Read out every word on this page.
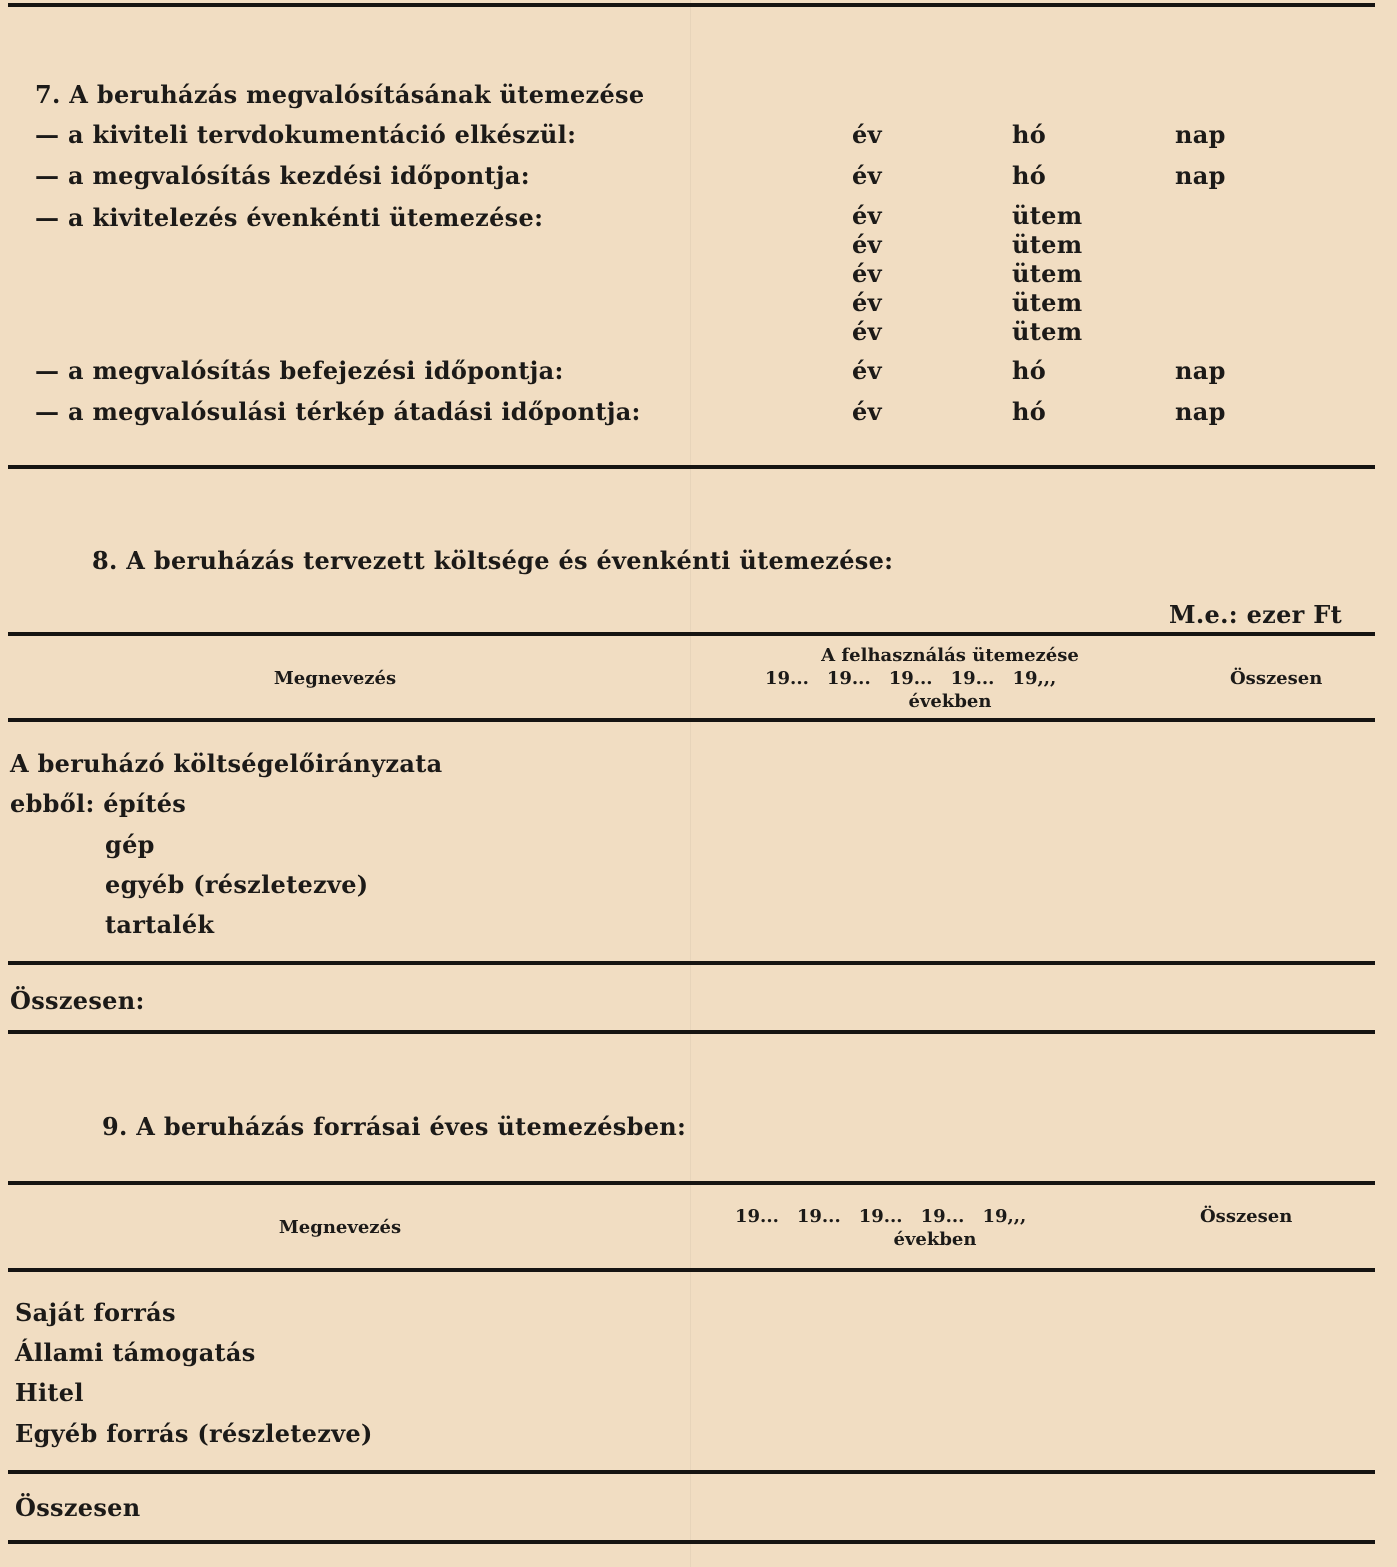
7. A beruházás megvalósításának ütemezése
— a kiviteli tervdokumentáció elkészül:	év	hó	nap
— a megvalósítás kezdési időpontja:	év	hó	nap
— a kivitelezés évenkénti ütemezése:	év	ütem
év	ütem
év	ütem
év	ütem
év	ütem
— a megvalósítás befejezési időpontja:	év	hó	nap
— a megvalósulási térkép átadási időpontja:	év	hó	nap
8. A beruházás tervezett költsége és évenkénti ütemezése:
M.e.: ezer Ft
Megnevezés
A felhasználás ütemezése
19... 19... 19... 19... 19,,,
években
Összesen
A beruházó költségelőirányzata
ebből: építés
gép
egyéb (részletezve)
tartalék
Összesen:
9. A beruházás forrásai éves ütemezésben:
Megnevezés
19... 19... 19... 19... 19,,,
években
Összesen
Saját forrás
Állami támogatás
Hitel
Egyéb forrás (részletezve)
Összesen
